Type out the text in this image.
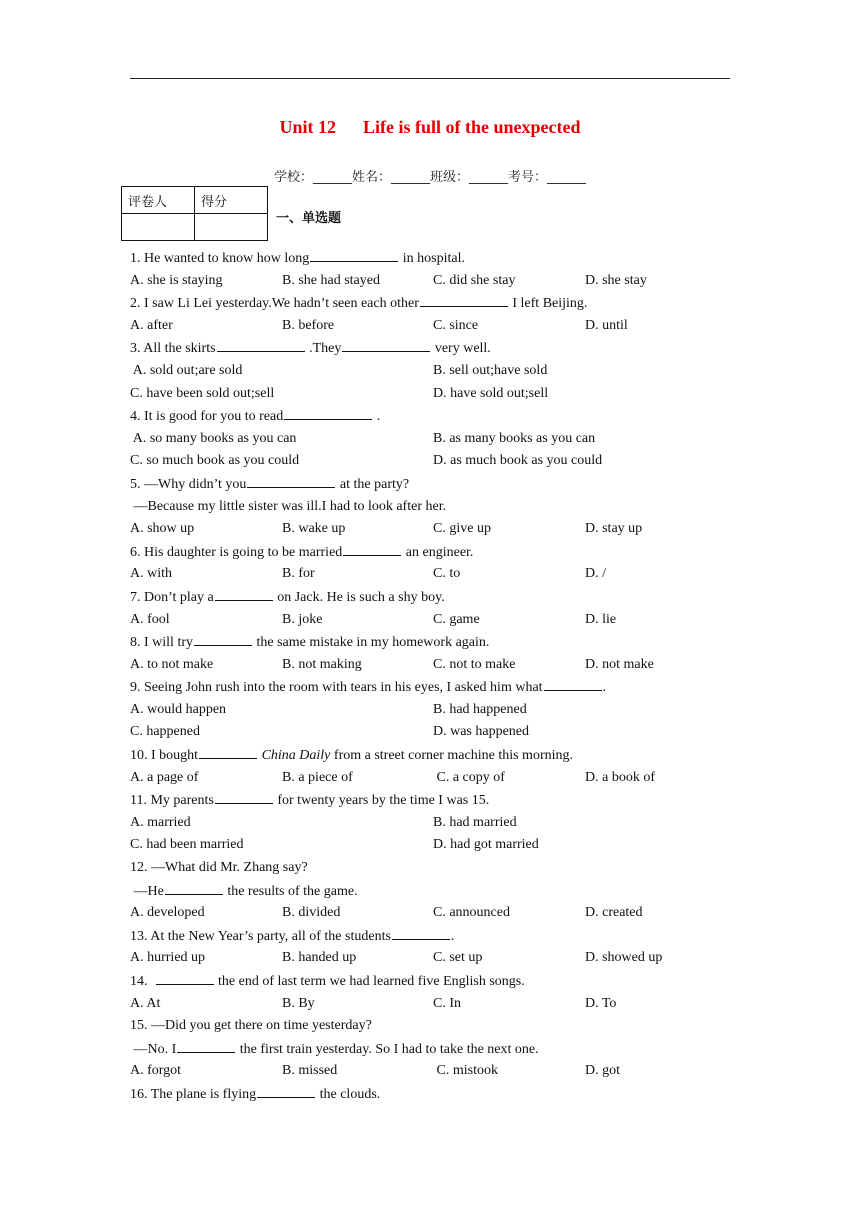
Unit 12      Life is full of the unexpected
学校：______姓名：______班级：______考号：______
评卷人	得分

一、单选题
1. He wanted to know how long	in hospital.
A. she is staying	B. she had stayed	C. did she stay	D. she stay
2. I saw Li Lei yesterday.We hadn’t seen each other	I left Beijing.
A. after	B. before	C. since	D. until
3. All the skirts	.They	very well.
A. sold out;are sold	B. sell out;have sold
C. have been sold out;sell	D. have sold out;sell
4. It is good for you to read	.
A. so many books as you can	B. as many books as you can
C. so much book as you could	D. as much book as you could
5. —Why didn’t you	at the party?
—Because my little sister was ill.I had to look after her.
A. show up	B. wake up	C. give up	D. stay up
6. His daughter is going to be married	an engineer.
A. with	B. for	C. to	D. /
7. Don’t play a	on Jack. He is such a shy boy.
A. fool	B. joke	C. game	D. lie
8. I will try	the same mistake in my homework again.
A. to not make	B. not making	C. not to make	D. not make
9. Seeing John rush into the room with tears in his eyes, I asked him what	.
A. would happen	B. had happened
C. happened	D. was happened
10. I bought	China Daily from a street corner machine this morning.
A. a page of	B. a piece of	C. a copy of	D. a book of
11. My parents	for twenty years by the time I was 15.
A. married	B. had married
C. had been married	D. had got married
12. —What did Mr. Zhang say?
—He	the results of the game.
A. developed	B. divided	C. announced	D. created
13. At the New Year’s party, all of the students	.
A. hurried up	B. handed up	C. set up	D. showed up
14.	the end of last term we had learned five English songs.
A. At	B. By	C. In	D. To
15. —Did you get there on time yesterday?
—No. I	the first train yesterday. So I had to take the next one.
A. forgot	B. missed	C. mistook	D. got
16. The plane is flying	the clouds.
